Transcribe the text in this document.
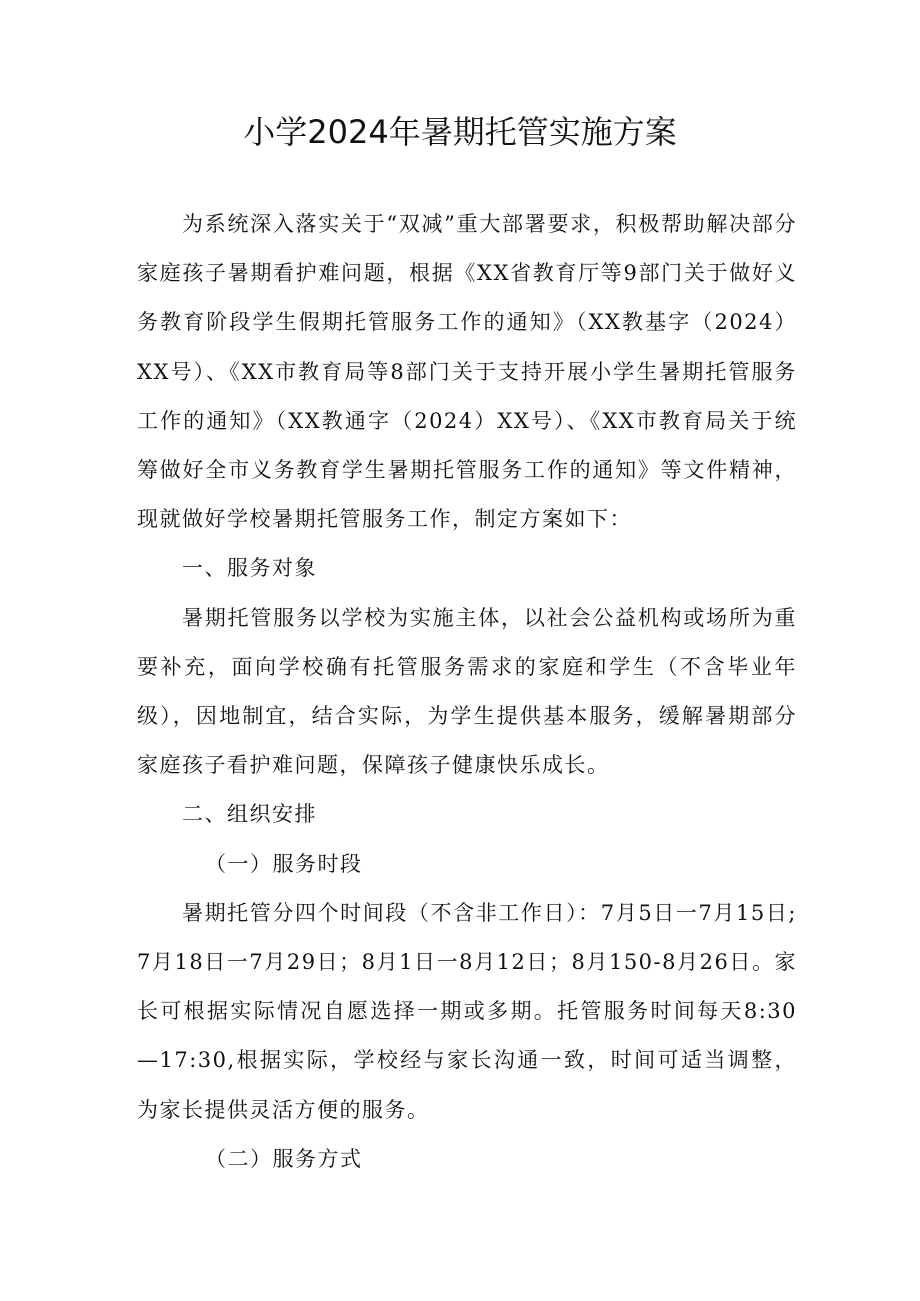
小学2024年暑期托管实施方案

为系统深入落实关于“双减”重大部署要求，积极帮助解决部分家庭孩子暑期看护难问题，根据《XX省教育厅等9部门关于做好义务教育阶段学生假期托管服务工作的通知》（XX教基字（2024）XX号）、《XX市教育局等8部门关于支持开展小学生暑期托管服务工作的通知》（XX教通字（2024）XX号）、《XX市教育局关于统筹做好全市义务教育学生暑期托管服务工作的通知》等文件精神，现就做好学校暑期托管服务工作，制定方案如下：

一、服务对象

暑期托管服务以学校为实施主体，以社会公益机构或场所为重要补充，面向学校确有托管服务需求的家庭和学生（不含毕业年级），因地制宜，结合实际，为学生提供基本服务，缓解暑期部分家庭孩子看护难问题，保障孩子健康快乐成长。

二、组织安排

（一）服务时段

暑期托管分四个时间段（不含非工作日）：7月5日一7月15日;7月18日一7月29日；8月1日一8月12日；8月150-8月26日。家长可根据实际情况自愿选择一期或多期。托管服务时间每天8:30—17:30,根据实际，学校经与家长沟通一致，时间可适当调整，为家长提供灵活方便的服务。

（二）服务方式
